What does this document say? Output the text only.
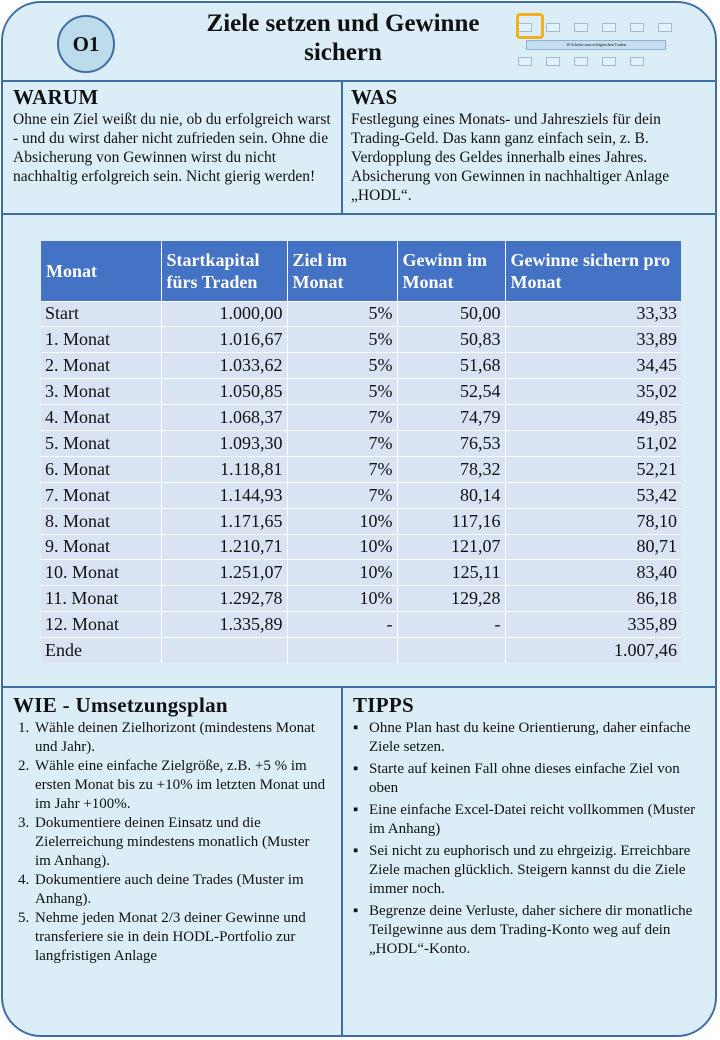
O1
Ziele setzen und Gewinne sichern	10 Schritte zum erfolgreichen Traden
WARUM
Ohne ein Ziel weißt du nie, ob du erfolgreich warst - und du wirst daher nicht zufrieden sein. Ohne die Absicherung von Gewinnen wirst du nicht nachhaltig erfolgreich sein. Nicht gierig werden!
WAS
Festlegung eines Monats- und Jahresziels für dein Trading-Geld. Das kann ganz einfach sein, z. B. Verdopplung des Geldes innerhalb eines Jahres. Absicherung von Gewinnen in nachhaltiger Anlage „HODL“.
Monat	Startkapital fürs Traden	Ziel im Monat	Gewinn im Monat	Gewinne sichern pro Monat
Start	1.000,00	5%	50,00	33,33
1. Monat	1.016,67	5%	50,83	33,89
2. Monat	1.033,62	5%	51,68	34,45
3. Monat	1.050,85	5%	52,54	35,02
4. Monat	1.068,37	7%	74,79	49,85
5. Monat	1.093,30	7%	76,53	51,02
6. Monat	1.118,81	7%	78,32	52,21
7. Monat	1.144,93	7%	80,14	53,42
8. Monat	1.171,65	10%	117,16	78,10
9. Monat	1.210,71	10%	121,07	80,71
10. Monat	1.251,07	10%	125,11	83,40
11. Monat	1.292,78	10%	129,28	86,18
12. Monat	1.335,89	-	-	335,89
Ende				1.007,46
WIE - Umsetzungsplan
1. Wähle deinen Zielhorizont (mindestens Monat und Jahr).
2. Wähle eine einfache Zielgröße, z.B. +5 % im ersten Monat bis zu +10% im letzten Monat und im Jahr +100%.
3. Dokumentiere deinen Einsatz und die Zielerreichung mindestens monatlich (Muster im Anhang).
4. Dokumentiere auch deine Trades (Muster im Anhang).
5. Nehme jeden Monat 2/3 deiner Gewinne und transferiere sie in dein HODL-Portfolio zur langfristigen Anlage
TIPPS
▪ Ohne Plan hast du keine Orientierung, daher einfache Ziele setzen.
▪ Starte auf keinen Fall ohne dieses einfache Ziel von oben
▪ Eine einfache Excel-Datei reicht vollkommen (Muster im Anhang)
▪ Sei nicht zu euphorisch und zu ehrgeizig. Erreichbare Ziele machen glücklich. Steigern kannst du die Ziele immer noch.
▪ Begrenze deine Verluste, daher sichere dir monatliche Teilgewinne aus dem Trading-Konto weg auf dein „HODL“-Konto.
